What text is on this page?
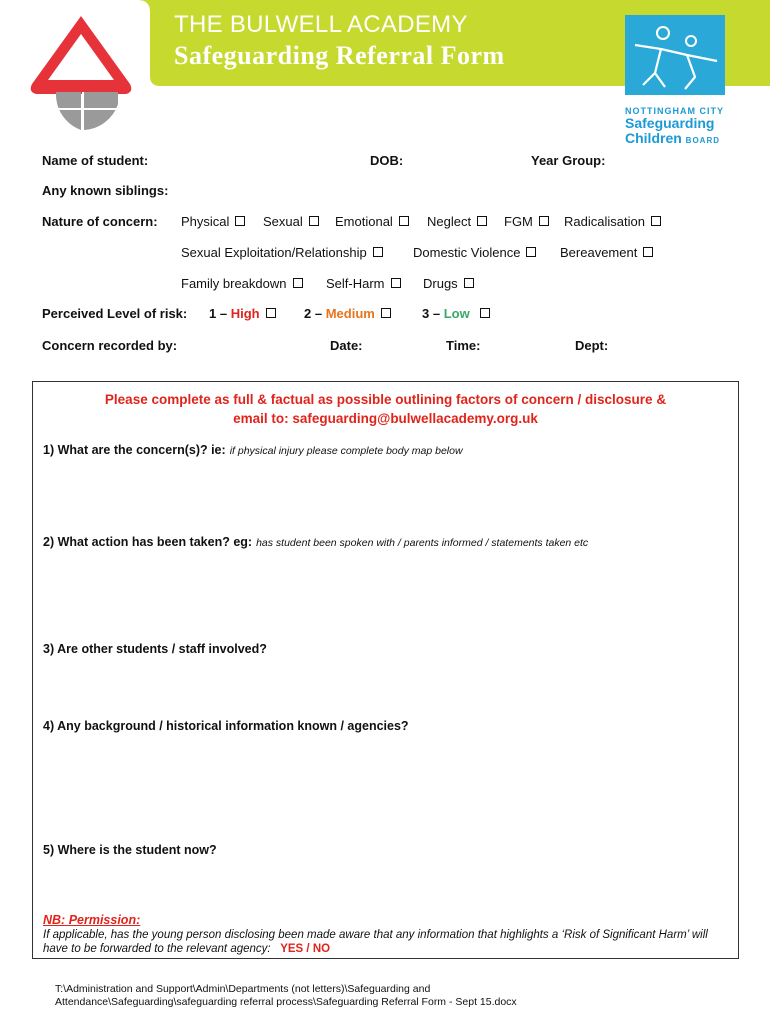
THE BULWELL ACADEMY
Safeguarding Referral Form
NOTTINGHAM CITY
Safeguarding
Children BOARD
Name of student:	DOB:	Year Group:
Any known siblings:
Nature of concern: Physical	Sexual	Emotional	Neglect	FGM	Radicalisation
Sexual Exploitation/Relationship	Domestic Violence	Bereavement
Family breakdown	Self-Harm	Drugs
Perceived Level of risk: 1 – High	2 – Medium	3 – Low
Concern recorded by:	Date:	Time:	Dept:
Please complete as full & factual as possible outlining factors of concern / disclosure &
email to: safeguarding@bulwellacademy.org.uk
1) What are the concern(s)? ie: if physical injury please complete body map below
2) What action has been taken? eg: has student been spoken with / parents informed / statements taken etc
3) Are other students / staff involved?
4) Any background / historical information known / agencies?
5) Where is the student now?
NB: Permission:
If applicable, has the young person disclosing been made aware that any information that highlights a ‘Risk of Significant Harm’ will have to be forwarded to the relevant agency: YES / NO
T:\Administration and Support\Admin\Departments (not letters)\Safeguarding and
Attendance\Safeguarding\safeguarding referral process\Safeguarding Referral Form - Sept 15.docx
